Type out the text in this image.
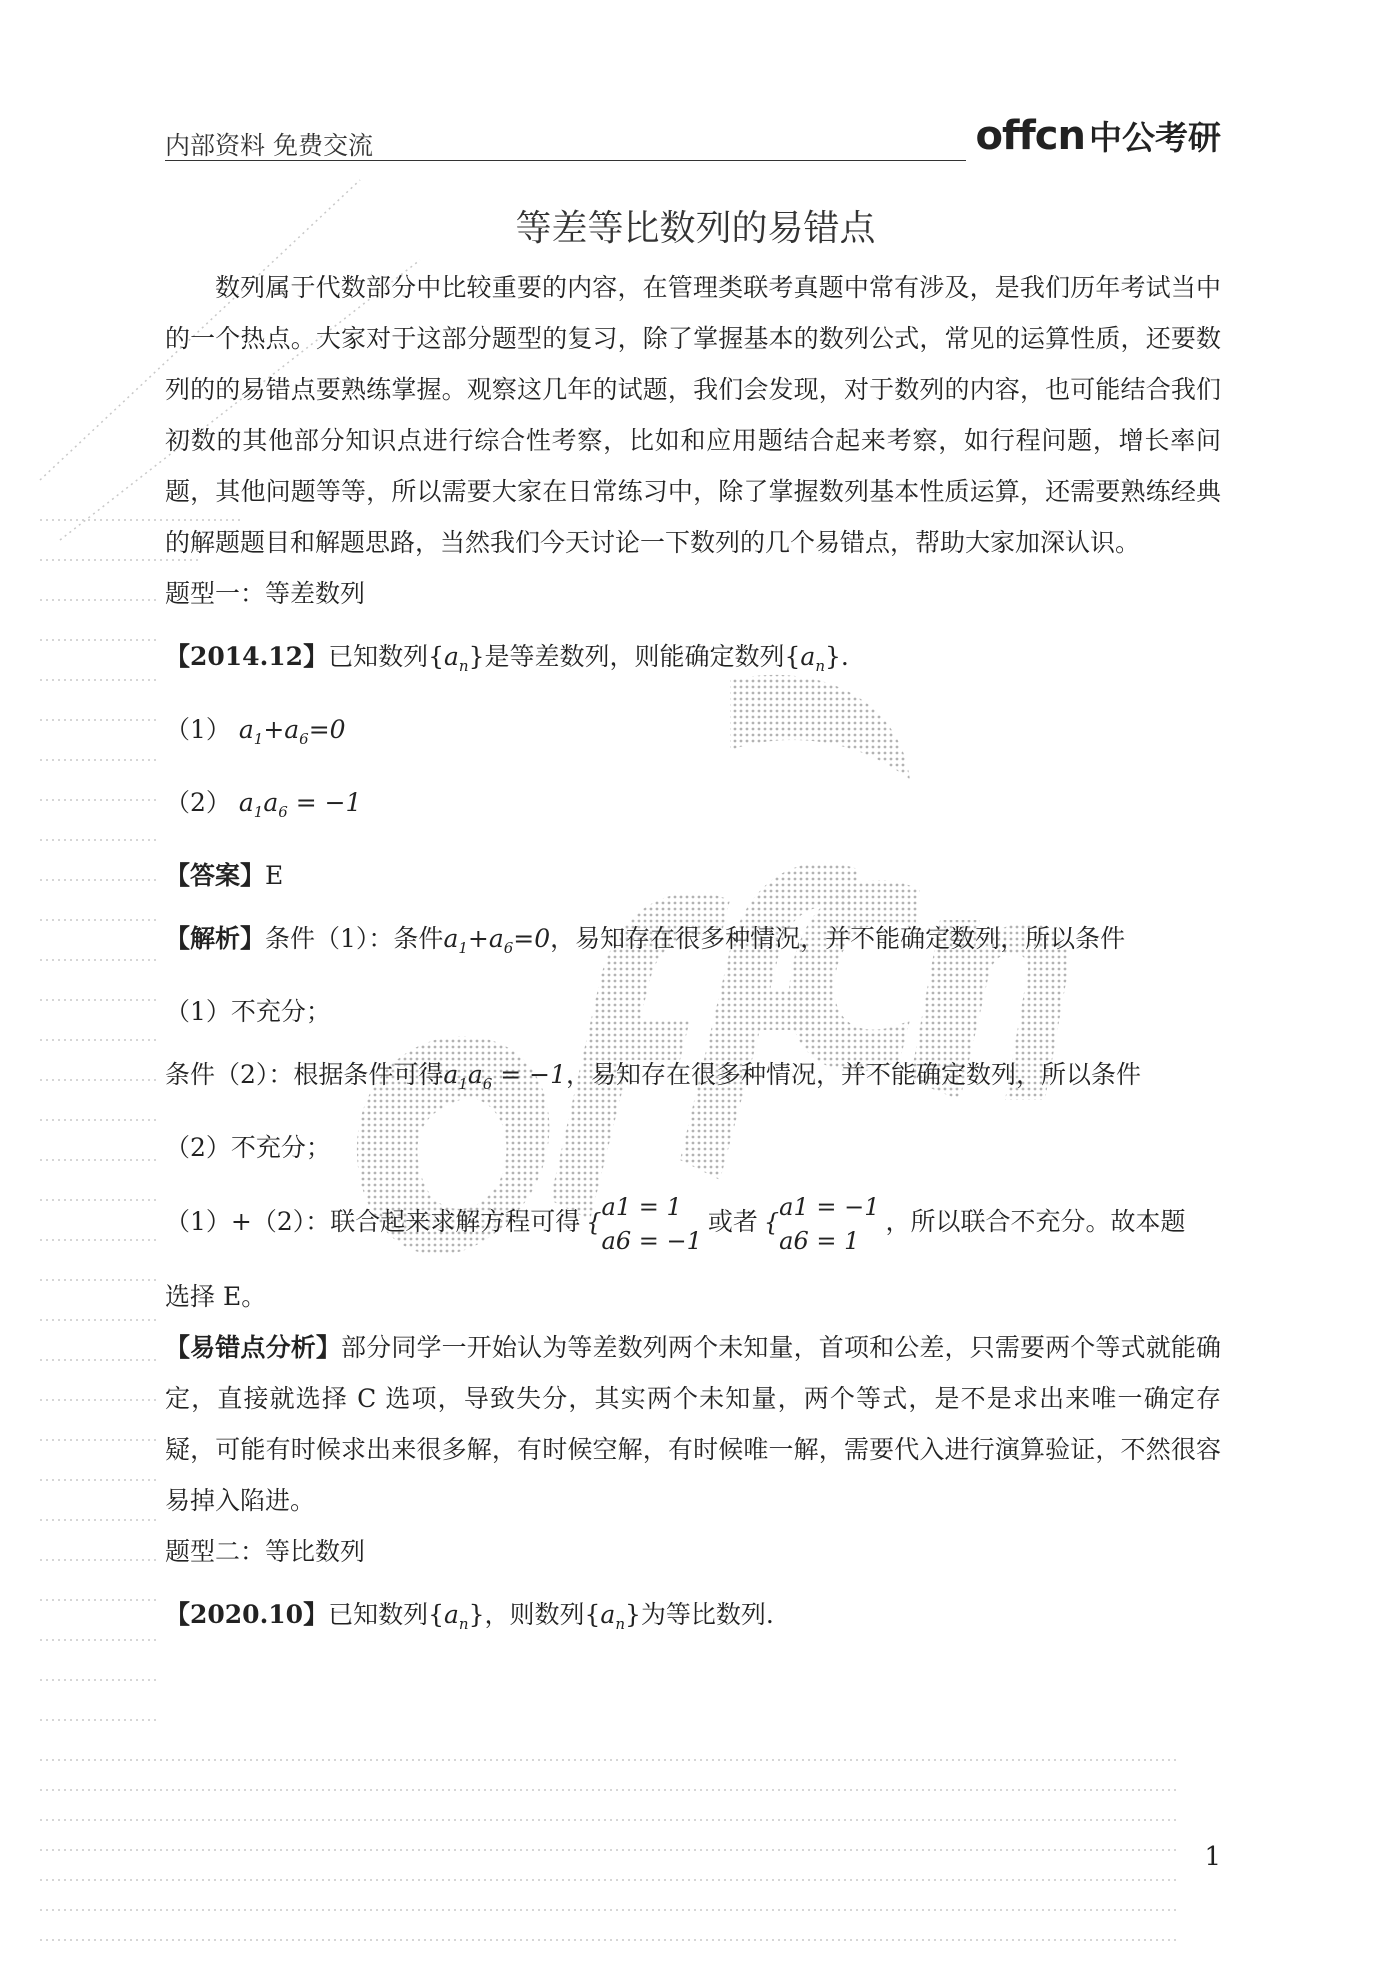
内部资料 免费交流	offcn 中公考研
等差等比数列的易错点

数列属于代数部分中比较重要的内容，在管理类联考真题中常有涉及，是我们历年考试当中的一个热点。大家对于这部分题型的复习，除了掌握基本的数列公式，常见的运算性质，还要数列的的易错点要熟练掌握。观察这几年的试题，我们会发现，对于数列的内容，也可能结合我们初数的其他部分知识点进行综合性考察，比如和应用题结合起来考察，如行程问题，增长率问题，其他问题等等，所以需要大家在日常练习中，除了掌握数列基本性质运算，还需要熟练经典的解题题目和解题思路，当然我们今天讨论一下数列的几个易错点，帮助大家加深认识。

题型一：等差数列

【2014.12】已知数列$\{a_n\}$是等差数列，则能确定数列$\{a_n\}$.

（1） $a_1+a_6=0$

（2） $a_1a_6 = -1$

【答案】E

【解析】条件（1）：条件$a_1+a_6=0$，易知存在很多种情况，并不能确定数列，所以条件

（1）不充分；

条件（2）：根据条件可得$a_1a_6 = -1$，易知存在很多种情况，并不能确定数列，所以条件

（2）不充分；

（1）+（2）：联合起来求解方程可得 {
a1 = 1
a6 = −1
或者 {
a1 = −1
a6 = 1
，所以联合不充分。故本题

选择 E。

【易错点分析】部分同学一开始认为等差数列两个未知量，首项和公差，只需要两个等式就能确定，直接就选择 C 选项，导致失分，其实两个未知量，两个等式，是不是求出来唯一确定存疑，可能有时候求出来很多解，有时候空解，有时候唯一解，需要代入进行演算验证，不然很容易掉入陷进。

题型二：等比数列

【2020.10】已知数列$\{a_n\}$，则数列$\{a_n\}$为等比数列.

1
